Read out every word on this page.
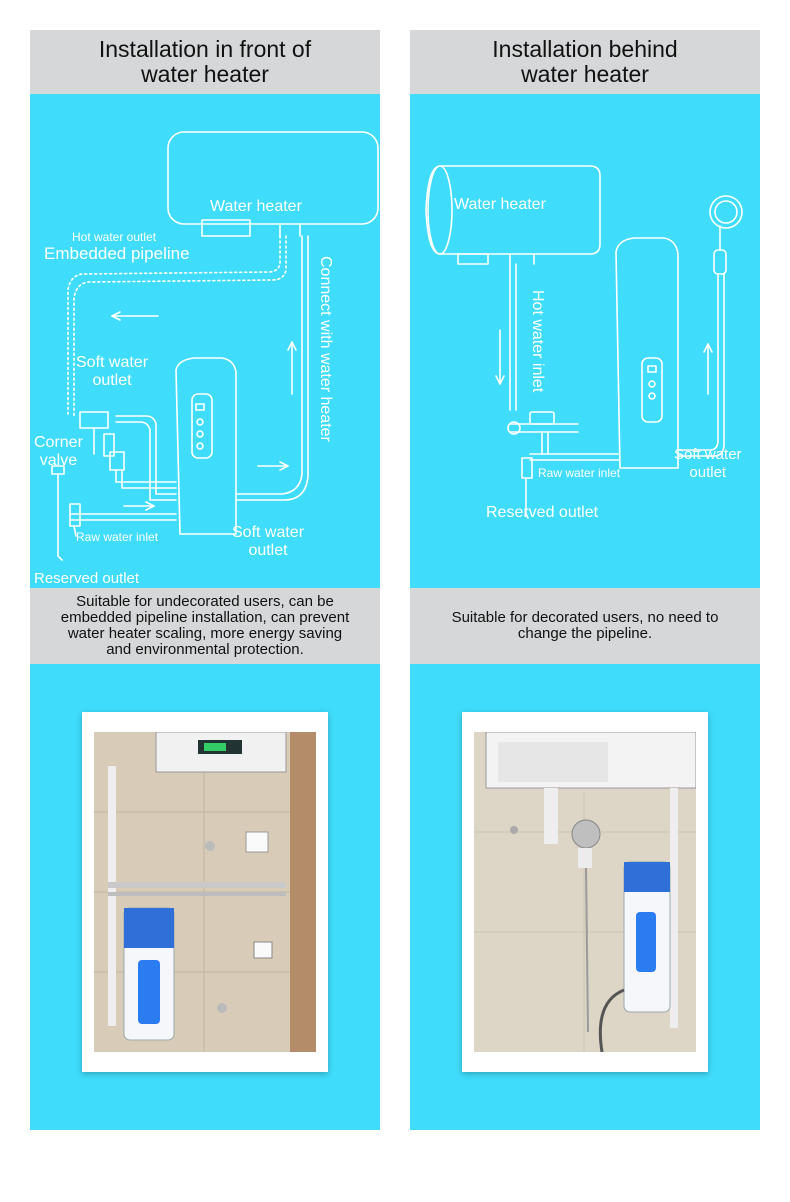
Installation in front of
water heater
Water heater
Hot water outlet
Embedded pipeline
Connect with water heater
Soft water
outlet
Corner
valve
Raw water inlet	Soft water
outlet
Reserved outlet
Suitable for undecorated users, can be
embedded pipeline installation, can prevent
water heater scaling, more energy saving
and environmental protection.
Installation behind
water heater
Water heater
Hot water inlet
Raw water inlet
Soft water
outlet
Reserved outlet
Suitable for decorated users, no need to
change the pipeline.
